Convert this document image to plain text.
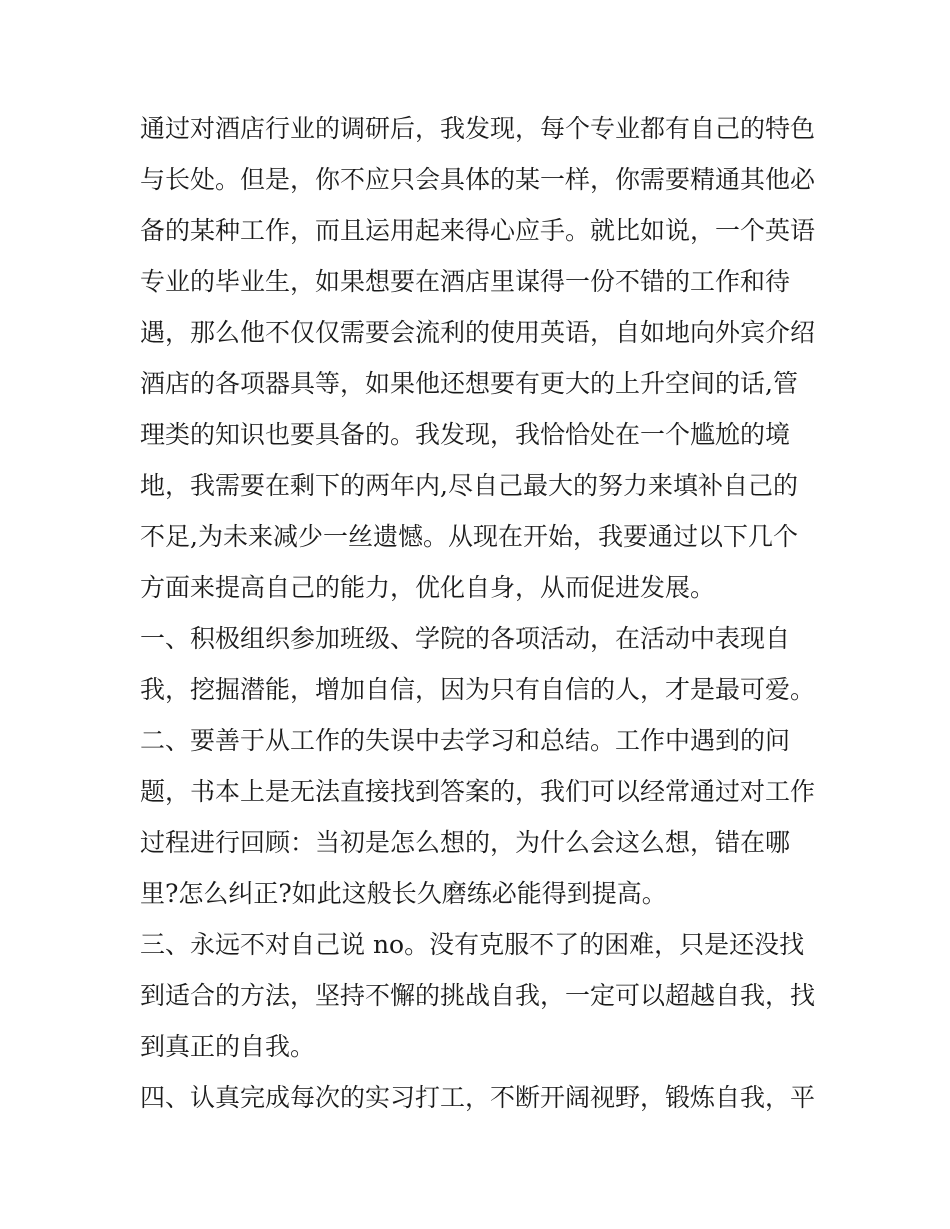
通过对酒店行业的调研后，我发现，每个专业都有自己的特色
与长处。但是，你不应只会具体的某一样，你需要精通其他必
备的某种工作，而且运用起来得心应手。就比如说，一个英语
专业的毕业生，如果想要在酒店里谋得一份不错的工作和待
遇，那么他不仅仅需要会流利的使用英语，自如地向外宾介绍
酒店的各项器具等，如果他还想要有更大的上升空间的话,管
理类的知识也要具备的。我发现，我恰恰处在一个尴尬的境
地，我需要在剩下的两年内,尽自己最大的努力来填补自己的
不足,为未来减少一丝遗憾。从现在开始，我要通过以下几个
方面来提高自己的能力，优化自身，从而促进发展。
一、积极组织参加班级、学院的各项活动，在活动中表现自
我，挖掘潜能，增加自信，因为只有自信的人，才是最可爱。
二、要善于从工作的失误中去学习和总结。工作中遇到的问
题，书本上是无法直接找到答案的，我们可以经常通过对工作
过程进行回顾：当初是怎么想的，为什么会这么想，错在哪
里?怎么纠正?如此这般长久磨练必能得到提高。
三、永远不对自己说 no。没有克服不了的困难，只是还没找
到适合的方法，坚持不懈的挑战自我，一定可以超越自我，找
到真正的自我。
四、认真完成每次的实习打工，不断开阔视野，锻炼自我，平
